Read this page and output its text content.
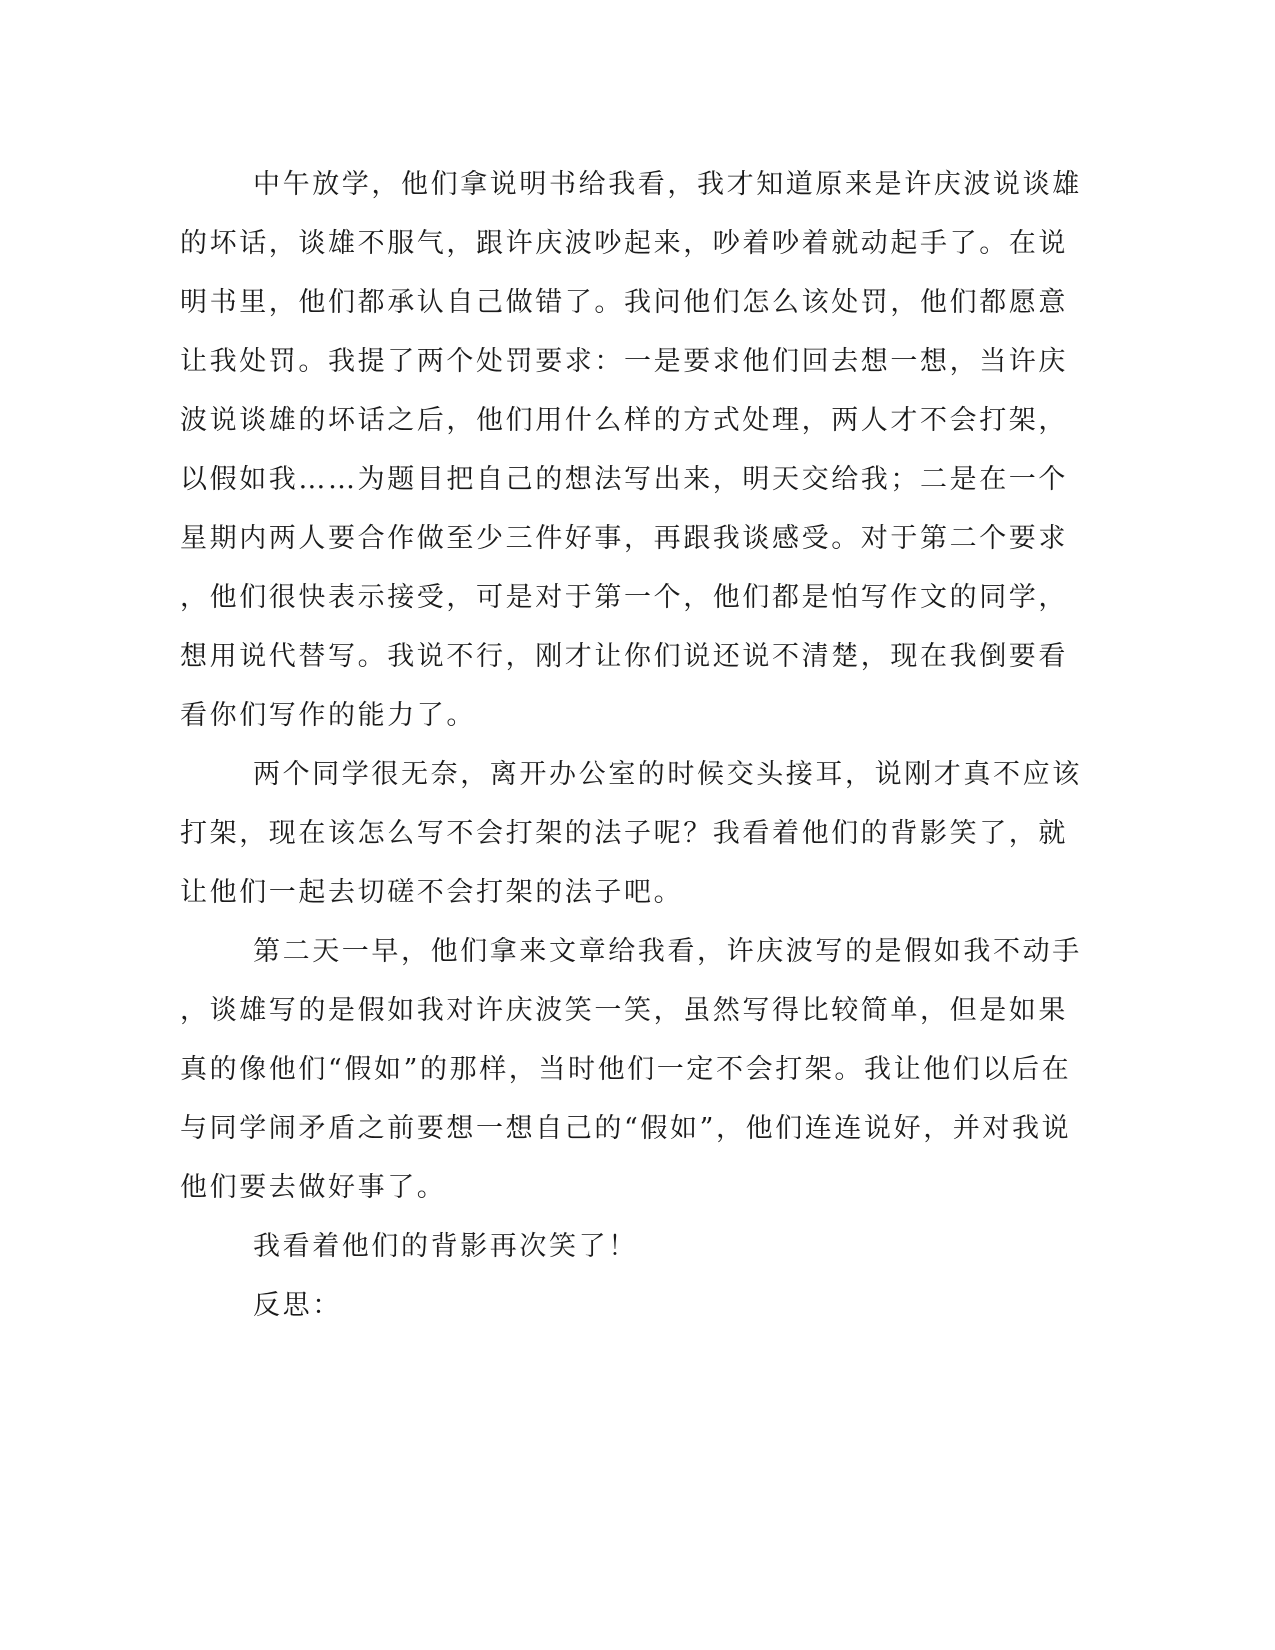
中午放学，他们拿说明书给我看，我才知道原来是许庆波说谈雄
的坏话，谈雄不服气，跟许庆波吵起来，吵着吵着就动起手了。在说
明书里，他们都承认自己做错了。我问他们怎么该处罚，他们都愿意
让我处罚。我提了两个处罚要求：一是要求他们回去想一想，当许庆
波说谈雄的坏话之后，他们用什么样的方式处理，两人才不会打架，
以假如我……为题目把自己的想法写出来，明天交给我；二是在一个
星期内两人要合作做至少三件好事，再跟我谈感受。对于第二个要求
，他们很快表示接受，可是对于第一个，他们都是怕写作文的同学，
想用说代替写。我说不行，刚才让你们说还说不清楚，现在我倒要看
看你们写作的能力了。
两个同学很无奈，离开办公室的时候交头接耳，说刚才真不应该
打架，现在该怎么写不会打架的法子呢？我看着他们的背影笑了，就
让他们一起去切磋不会打架的法子吧。
第二天一早，他们拿来文章给我看，许庆波写的是假如我不动手
，谈雄写的是假如我对许庆波笑一笑，虽然写得比较简单，但是如果
真的像他们“假如”的那样，当时他们一定不会打架。我让他们以后在
与同学闹矛盾之前要想一想自己的“假如”，他们连连说好，并对我说
他们要去做好事了。
我看着他们的背影再次笑了！
反思：
